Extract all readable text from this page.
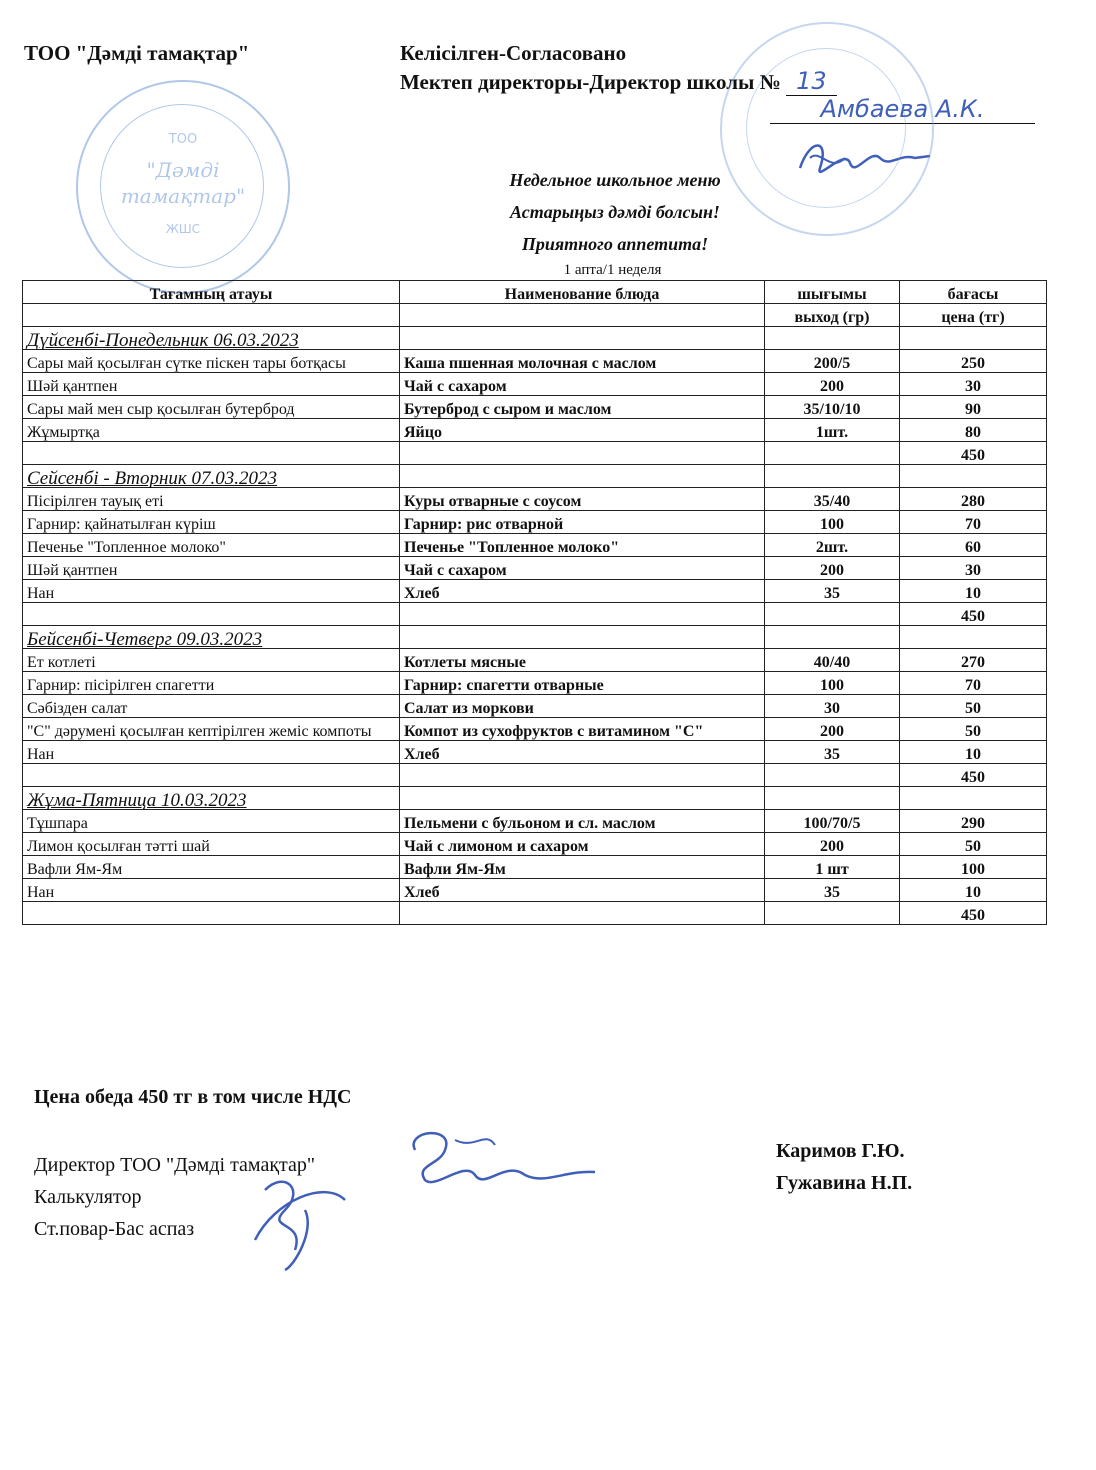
ТОО "Дәмді тамақтар"	Келісілген-Согласовано
Мектеп директоры-Директор школы № 13
Амбаева А.К.
ТОО
"Дәмді
тамақтар"
ЖШС
Недельное школьное меню
Астарыңыз дәмді болсын!
Приятного аппетита!
1 апта/1 неделя
Тағамның атауы	Наименование блюда	шығымы	бағасы
		выход (гр)	цена (тг)
Дүйсенбі-Понедельник 06.03.2023			
Сары май қосылған сүтке піскен тары ботқасы	Каша пшенная молочная с маслом	200/5	250
Шәй қантпен	Чай с сахаром	200	30
Сары май мен сыр қосылған бутерброд	Бутерброд с сыром и маслом	35/10/10	90
Жұмыртқа	Яйцо	1шт.	80
			450
Сейсенбі - Вторник 07.03.2023			
Пісірілген тауық еті	Куры отварные с соусом	35/40	280
Гарнир: қайнатылған күріш	Гарнир: рис отварной	100	70
Печенье "Топленное молоко"	Печенье "Топленное молоко"	2шт.	60
Шәй қантпен	Чай с сахаром	200	30
Нан	Хлеб	35	10
			450
Бейсенбі-Четверг 09.03.2023			
Ет котлеті	Котлеты мясные	40/40	270
Гарнир: пісірілген спагетти	Гарнир: спагетти отварные	100	70
Сәбізден салат	Салат из моркови	30	50
"С" дәрумені қосылған кептірілген жеміс компоты	Компот из сухофруктов с витамином "С"	200	50
Нан	Хлеб	35	10
			450
Жұма-Пятница 10.03.2023			
Тұшпара	Пельмени с бульоном и сл. маслом	100/70/5	290
Лимон қосылған тәтті шай	Чай с лимоном и сахаром	200	50
Вафли Ям-Ям	Вафли Ям-Ям	1 шт	100
Нан	Хлеб	35	10
			450
Цена обеда 450 тг в том числе НДС
Директор ТОО "Дәмді тамақтар"
Калькулятор
Ст.повар-Бас аспаз
Каримов Г.Ю.
Гужавина Н.П.
